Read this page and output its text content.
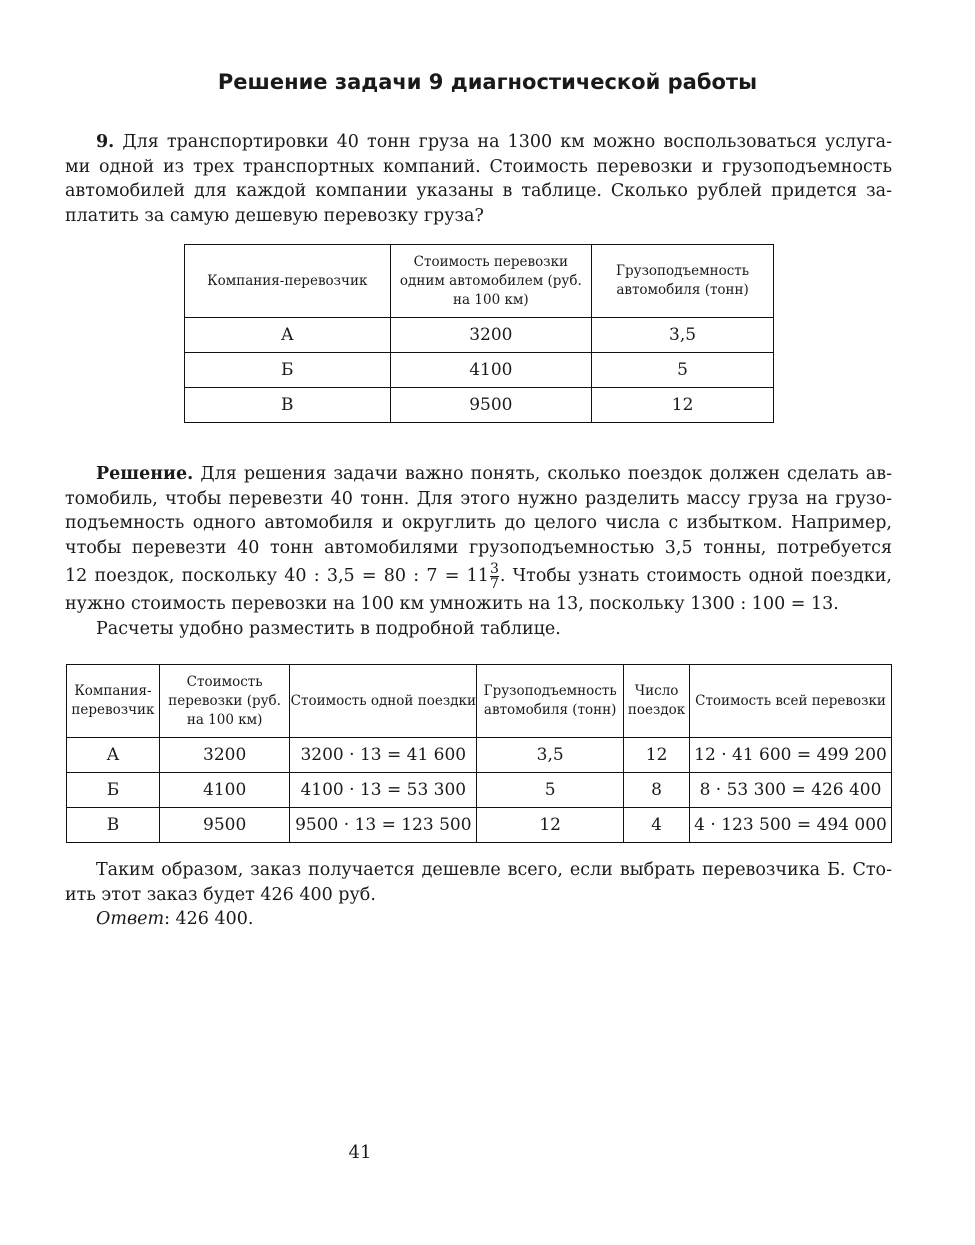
Решение задачи 9 диагностической работы
9. Для транспортировки 40 тонн груза на 1300 км можно воспользоваться услуга-
ми одной из трех транспортных компаний. Стоимость перевозки и грузоподъемность
автомобилей для каждой компании указаны в таблице. Сколько рублей придется за-
платить за самую дешевую перевозку груза?
Компания-перевозчик	Стоимость перевозки одним автомобилем (руб. на 100 км)	Грузоподъемность автомобиля (тонн)
А	3200	3,5
Б	4100	5
В	9500	12
Решение. Для решения задачи важно понять, сколько поездок должен сделать ав-
томобиль, чтобы перевезти 40 тонн. Для этого нужно разделить массу груза на грузо-
подъемность одного автомобиля и округлить до целого числа с избытком. Например,
чтобы перевезти 40 тонн автомобилями грузоподъемностью 3,5 тонны, потребуется
12 поездок, поскольку 40 : 3,5 = 80 : $7 = 11 \frac{3}{7}$ . Чтобы узнать стоимость одной поездки,
нужно стоимость перевозки на 100 км умножить на 13, поскольку 1300 : 100 = 13.
Расчеты удобно разместить в подробной таблице.
Компания-перевозчик	Стоимость перевозки (руб. на 100 км)	Стоимость одной поездки	Грузоподъемность автомобиля (тонн)	Число поездок	Стоимость всей перевозки
А	3200	3200 · 13 = 41 600	3,5	12	12 · 41 600 = 499 200
Б	4100	4100 · 13 = 53 300	5	8	8 · 53 300 = 426 400
В	9500	9500 · 13 = 123 500	12	4	4 · 123 500 = 494 000
Таким образом, заказ получается дешевле всего, если выбрать перевозчика Б. Сто-
ить этот заказ будет 426 400 руб.
Ответ: 426 400.
41
